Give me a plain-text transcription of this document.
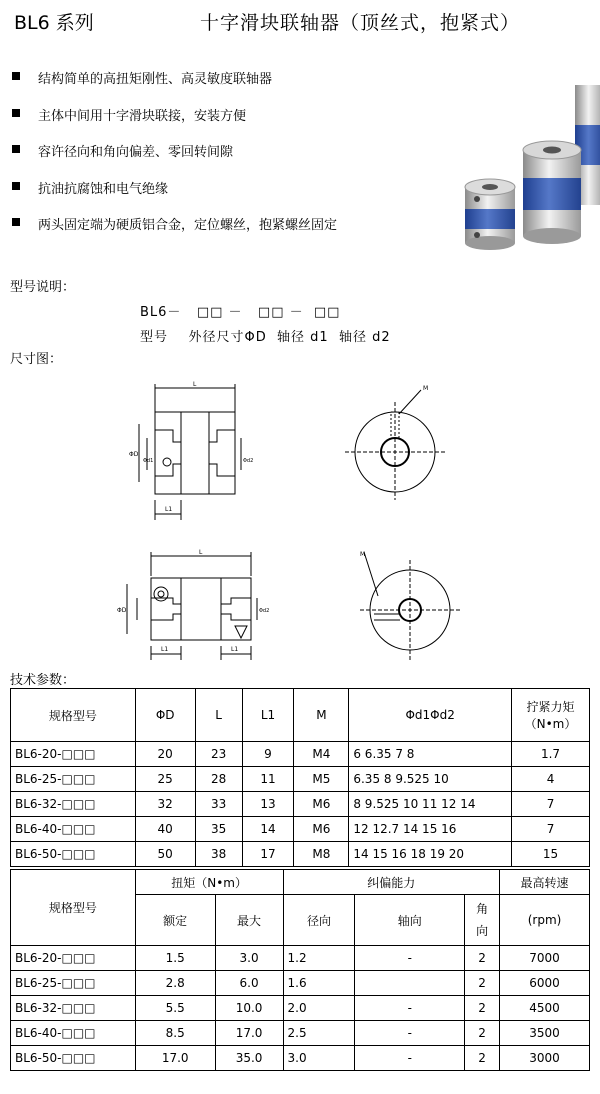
BL6 系列	十字滑块联轴器（顶丝式，抱紧式）
结构简单的高扭矩刚性、高灵敏度联轴器
主体中间用十字滑块联接，安装方便
容许径向和角向偏差、零回转间隙
抗油抗腐蚀和电气绝缘
两头固定端为硬质铝合金，定位螺丝，抱紧螺丝固定
型号说明：
BL6－   □□ －   □□ －  □□
型号    外径尺寸ΦD  轴径 d1  轴径 d2
尺寸图：
L
L1
ΦD
Φd1	Φd2
M
L
L1	L1
ΦD	Φd2
M
技术参数：
规格型号	ΦD	L	L1	M	Φd1Φd2	拧紧力矩
（N•m）
BL6-20-□□□	20	23	9	M4	6 6.35 7 8	1.7
BL6-25-□□□	25	28	11	M5	6.35 8 9.525 10	4
BL6-32-□□□	32	33	13	M6	8 9.525 10 11 12 14	7
BL6-40-□□□	40	35	14	M6	12 12.7 14 15 16	7
BL6-50-□□□	50	38	17	M8	14 15 16 18 19 20	15
规格型号	扭矩（N•m）		纠偏能力			最高转速
	额定	最大	径向	轴向	角向	(rpm)
BL6-20-□□□	1.5	3.0	1.2	-	2	7000
BL6-25-□□□	2.8	6.0	1.6		2	6000
BL6-32-□□□	5.5	10.0	2.0	-	2	4500
BL6-40-□□□	8.5	17.0	2.5	-	2	3500
BL6-50-□□□	17.0	35.0	3.0	-	2	3000
